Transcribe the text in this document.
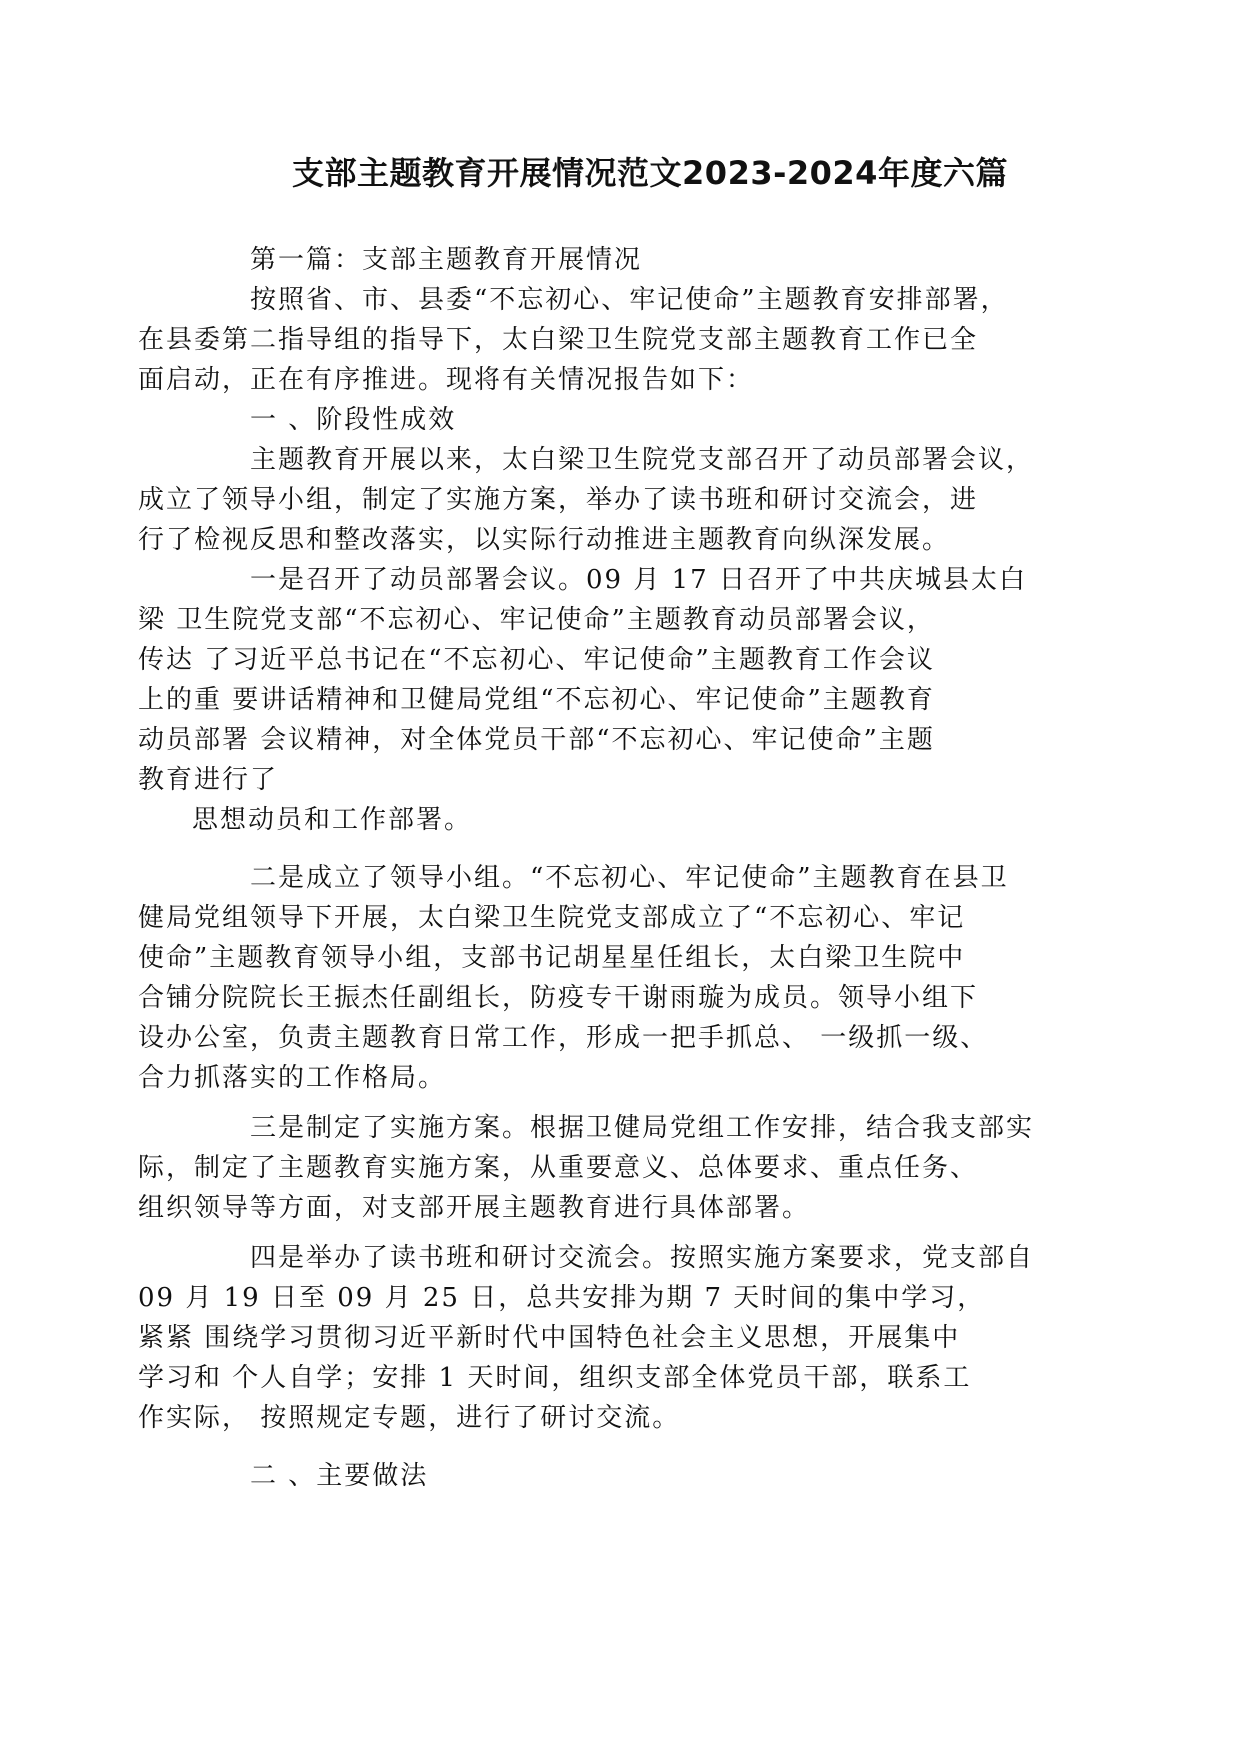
支部主题教育开展情况范文2023-2024年度六篇

第一篇：支部主题教育开展情况

按照省、市、县委“不忘初心、牢记使命”主题教育安排部署，
在县委第二指导组的指导下，太白梁卫生院党支部主题教育工作已全
面启动，正在有序推进。现将有关情况报告如下：

一 、阶段性成效

主题教育开展以来，太白梁卫生院党支部召开了动员部署会议，
成立了领导小组，制定了实施方案，举办了读书班和研讨交流会，进
行了检视反思和整改落实，以实际行动推进主题教育向纵深发展。

一是召开了动员部署会议。09 月 17 日召开了中共庆城县太白
梁 卫生院党支部“不忘初心、牢记使命”主题教育动员部署会议，
传达 了习近平总书记在“不忘初心、牢记使命”主题教育工作会议
上的重 要讲话精神和卫健局党组“不忘初心、牢记使命”主题教育
动员部署 会议精神，对全体党员干部“不忘初心、牢记使命”主题
教育进行了

思想动员和工作部署。

二是成立了领导小组。“不忘初心、牢记使命”主题教育在县卫
健局党组领导下开展，太白梁卫生院党支部成立了“不忘初心、牢记
使命”主题教育领导小组，支部书记胡星星任组长，太白梁卫生院中
合铺分院院长王振杰任副组长，防疫专干谢雨璇为成员。领导小组下
设办公室，负责主题教育日常工作，形成一把手抓总、 一级抓一级、
合力抓落实的工作格局。

三是制定了实施方案。根据卫健局党组工作安排，结合我支部实
际，制定了主题教育实施方案，从重要意义、总体要求、重点任务、
组织领导等方面，对支部开展主题教育进行具体部署。

四是举办了读书班和研讨交流会。按照实施方案要求，党支部自
09 月 19 日至 09 月 25 日，总共安排为期 7 天时间的集中学习，
紧紧 围绕学习贯彻习近平新时代中国特色社会主义思想，开展集中
学习和 个人自学；安排 1 天时间，组织支部全体党员干部，联系工
作实际， 按照规定专题，进行了研讨交流。

二 、主要做法
